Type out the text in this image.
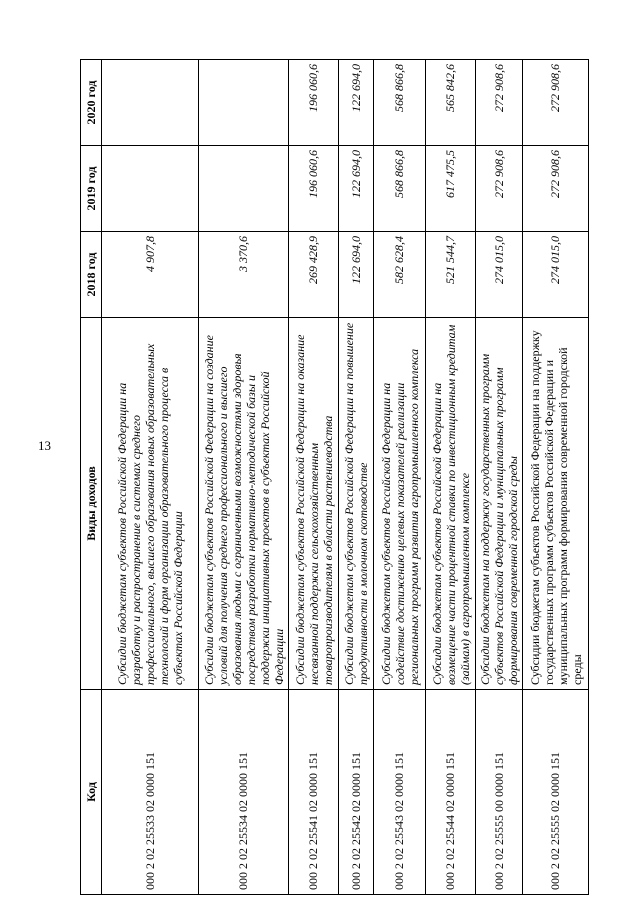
13
Код	Виды доходов	2018 год	2019 год	2020 год
000 2 02 25533 02 0000 151	Субсидии бюджетам субъектов Российской Федерации на разработку и распространение в системах среднего профессионального, высшего образования новых образовательных технологий и форм организации образовательного процесса в субъектах Российской Федерации	4 907,8		
000 2 02 25534 02 0000 151	Субсидии бюджетам субъектов Российской Федерации на создание условий для получения среднего профессионального и высшего образования людьми с ограниченными возможностями здоровья посредством разработки нормативно-методической базы и поддержки инициативных проектов в субъектах Российской Федерации	3 370,6		
000 2 02 25541 02 0000 151	Субсидии бюджетам субъектов Российской Федерации на оказание несвязанной поддержки сельскохозяйственным товаропроизводителям в области растениеводства	269 428,9	196 060,6	196 060,6
000 2 02 25542 02 0000 151	Субсидии бюджетам субъектов Российской Федерации на повышение продуктивности в молочном скотоводстве	122 694,0	122 694,0	122 694,0
000 2 02 25543 02 0000 151	Субсидии бюджетам субъектов Российской Федерации на содействие достижению целевых показателей реализации региональных программ развития агропромышленного комплекса	582 628,4	568 866,8	568 866,8
000 2 02 25544 02 0000 151	Субсидии бюджетам субъектов Российской Федерации на возмещение части процентной ставки по инвестиционным кредитам (займам) в агропромышленном комплексе	521 544,7	617 475,5	565 842,6
000 2 02 25555 00 0000 151	Субсидии бюджетам на поддержку государственных программ субъектов Российской Федерации и муниципальных программ формирования современной городской среды	274 015,0	272 908,6	272 908,6
000 2 02 25555 02 0000 151	Субсидии бюджетам субъектов Российской Федерации на поддержку государственных программ субъектов Российской Федерации и муниципальных программ формирования современной городской среды	274 015,0	272 908,6	272 908,6
